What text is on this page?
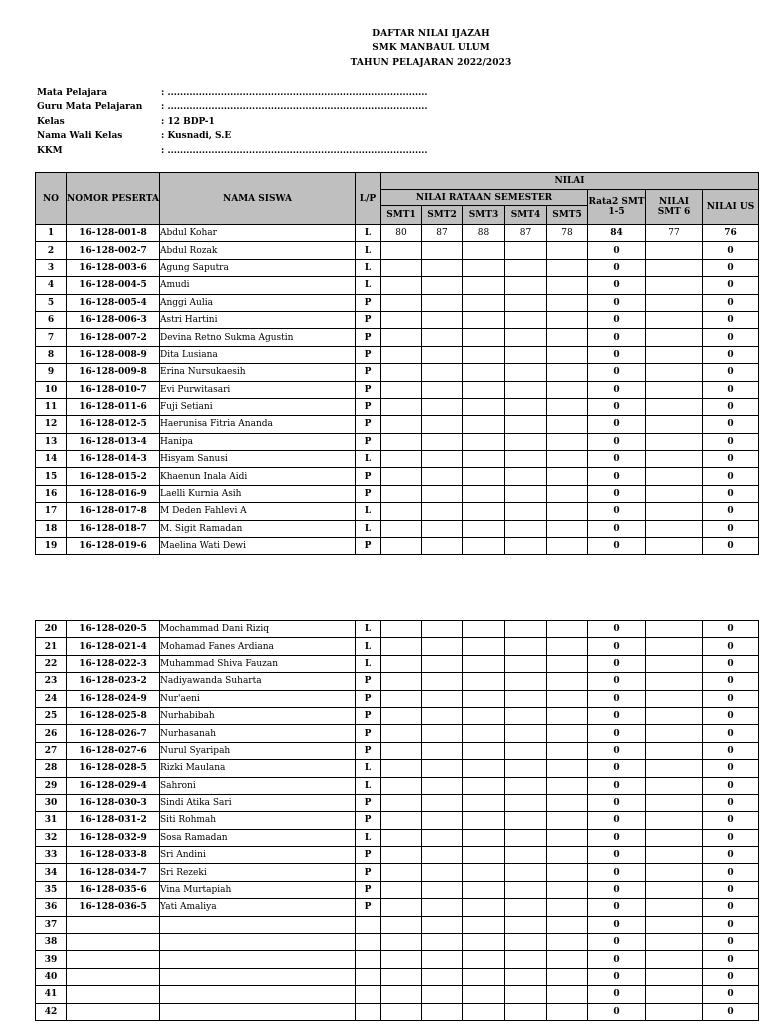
DAFTAR NILAI IJAZAH
SMK MANBAUL ULUM
TAHUN PELAJARAN 2022/2023
Mata Pelajara	: ...................................................................................
Guru Mata Pelajaran	: ...................................................................................
Kelas	: 12 BDP-1
Nama Wali Kelas	: Kusnadi, S.E
KKM	: ...................................................................................
NO	NOMOR PESERTA	NAMA SISWA	L/P	NILAI							
				NILAI RATAAN SEMESTER					Rata2 SMT 1-5	NILAI SMT 6	NILAI US
				SMT1	SMT2	SMT3	SMT4	SMT5			
1	16-128-001-8	Abdul Kohar	L	80	87	88	87	78	84	77	76
2	16-128-002-7	Abdul Rozak	L						0		0
3	16-128-003-6	Agung Saputra	L						0		0
4	16-128-004-5	Amudi	L						0		0
5	16-128-005-4	Anggi Aulia	P						0		0
6	16-128-006-3	Astri Hartini	P						0		0
7	16-128-007-2	Devina Retno Sukma Agustin	P						0		0
8	16-128-008-9	Dita Lusiana	P						0		0
9	16-128-009-8	Erina Nursukaesih	P						0		0
10	16-128-010-7	Evi Purwitasari	P						0		0
11	16-128-011-6	Fuji Setiani	P						0		0
12	16-128-012-5	Haerunisa Fitria Ananda	P						0		0
13	16-128-013-4	Hanipa	P						0		0
14	16-128-014-3	Hisyam Sanusi	L						0		0
15	16-128-015-2	Khaenun Inala Aidi	P						0		0
16	16-128-016-9	Laelli Kurnia Asih	P						0		0
17	16-128-017-8	M Deden Fahlevi A	L						0		0
18	16-128-018-7	M. Sigit Ramadan	L						0		0
19	16-128-019-6	Maelina Wati Dewi	P						0		0
20	16-128-020-5	Mochammad Dani Riziq	L						0		0
21	16-128-021-4	Mohamad Fanes Ardiana	L						0		0
22	16-128-022-3	Muhammad Shiva Fauzan	L						0		0
23	16-128-023-2	Nadiyawanda Suharta	P						0		0
24	16-128-024-9	Nur'aeni	P						0		0
25	16-128-025-8	Nurhabibah	P						0		0
26	16-128-026-7	Nurhasanah	P						0		0
27	16-128-027-6	Nurul Syaripah	P						0		0
28	16-128-028-5	Rizki Maulana	L						0		0
29	16-128-029-4	Sahroni	L						0		0
30	16-128-030-3	Sindi Atika Sari	P						0		0
31	16-128-031-2	Siti Rohmah	P						0		0
32	16-128-032-9	Sosa Ramadan	L						0		0
33	16-128-033-8	Sri Andini	P						0		0
34	16-128-034-7	Sri Rezeki	P						0		0
35	16-128-035-6	Vina Murtapiah	P						0		0
36	16-128-036-5	Yati Amaliya	P						0		0
37									0		0
38									0		0
39									0		0
40									0		0
41									0		0
42									0		0
